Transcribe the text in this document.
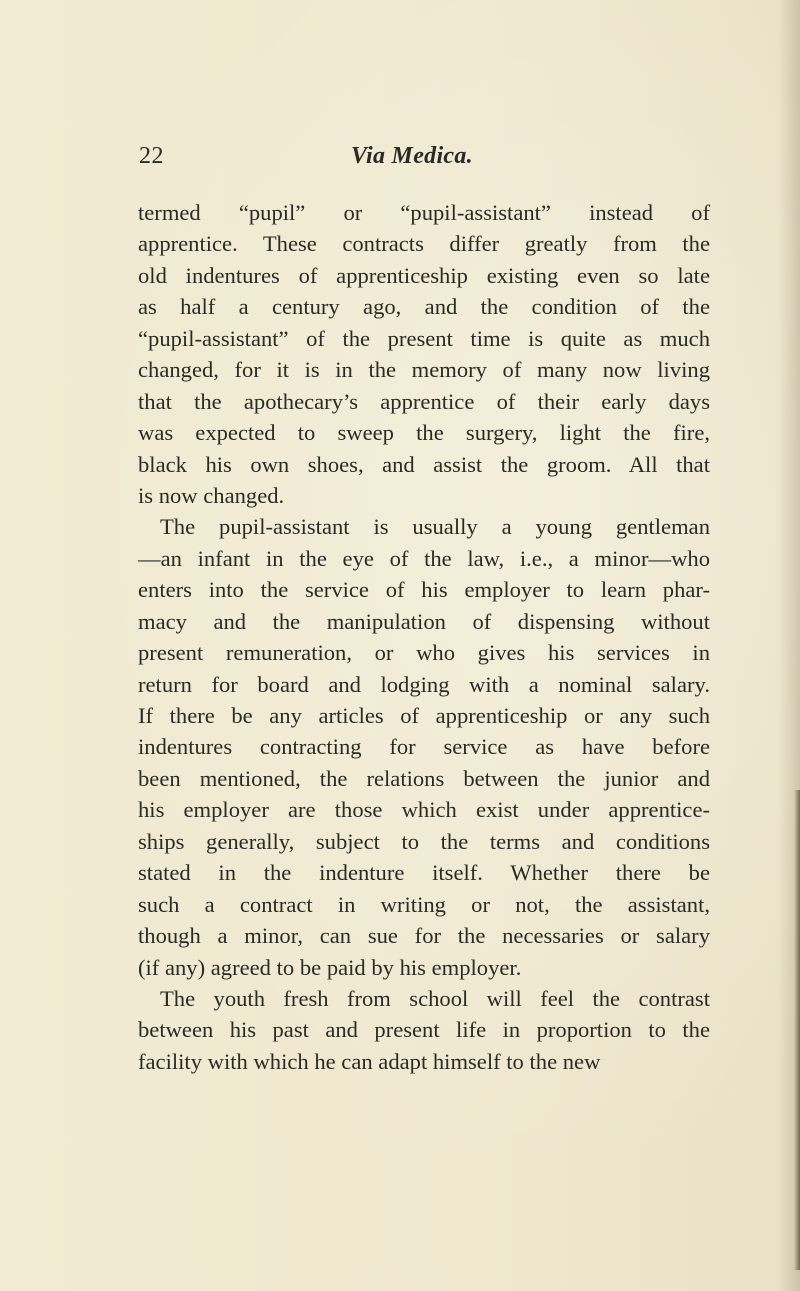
22	Via Medica.
termed “pupil” or “pupil-assistant” instead of
apprentice. These contracts differ greatly from the
old indentures of apprenticeship existing even so late
as half a century ago, and the condition of the
“pupil-assistant” of the present time is quite as much
changed, for it is in the memory of many now living
that the apothecary’s apprentice of their early days
was expected to sweep the surgery, light the fire,
black his own shoes, and assist the groom. All that
is now changed.
The pupil-assistant is usually a young gentleman
—an infant in the eye of the law, i.e., a minor—who
enters into the service of his employer to learn phar-
macy and the manipulation of dispensing without
present remuneration, or who gives his services in
return for board and lodging with a nominal salary.
If there be any articles of apprenticeship or any such
indentures contracting for service as have before
been mentioned, the relations between the junior and
his employer are those which exist under apprentice-
ships generally, subject to the terms and conditions
stated in the indenture itself. Whether there be
such a contract in writing or not, the assistant,
though a minor, can sue for the necessaries or salary
(if any) agreed to be paid by his employer.
The youth fresh from school will feel the contrast
between his past and present life in proportion to the
facility with which he can adapt himself to the new
